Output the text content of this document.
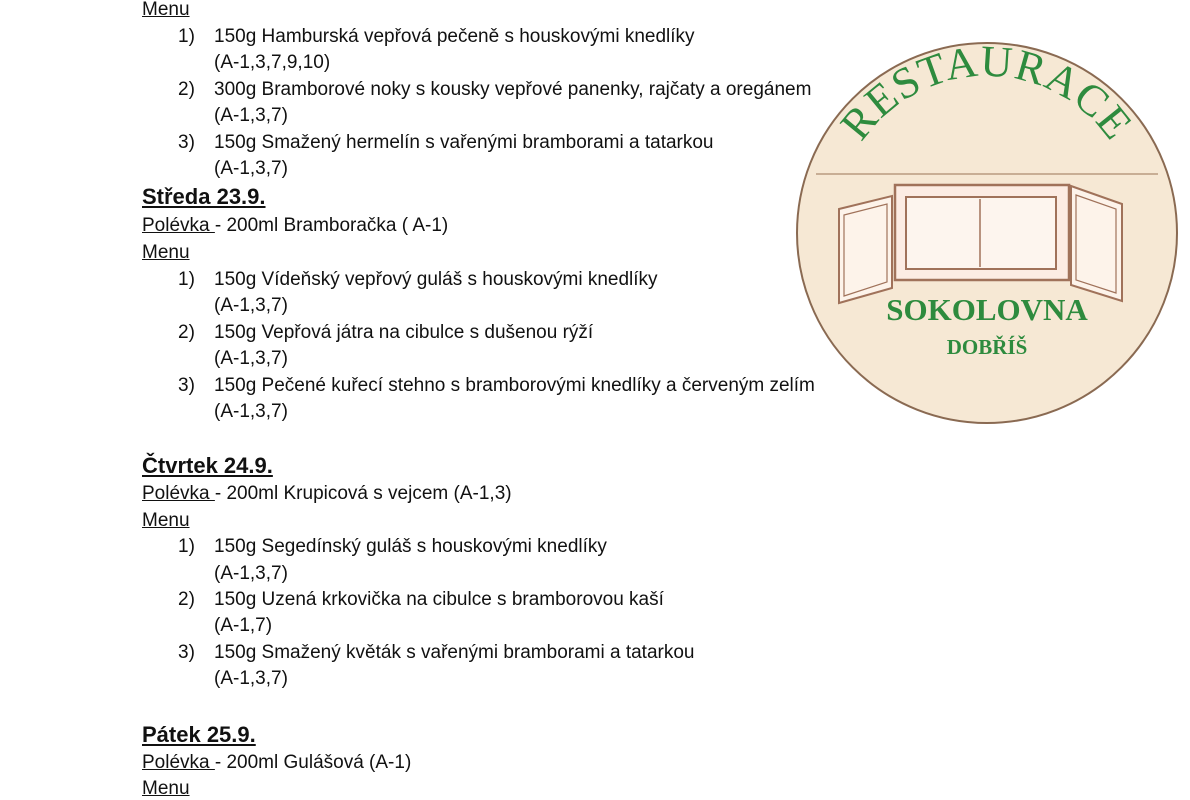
Menu
1) 150g Hamburská vepřová pečeně s houskovými knedlíky
(A-1,3,7,9,10)
2) 300g Bramborové noky s kousky vepřové panenky, rajčaty a oregánem
(A-1,3,7)
3) 150g Smažený hermelín s vařenými bramborami a tatarkou
(A-1,3,7)
Středa 23.9.
Polévka - 200ml Bramboračka ( A-1)
Menu
1) 150g Vídeňský vepřový guláš s houskovými knedlíky
(A-1,3,7)
2) 150g Vepřová játra na cibulce s dušenou rýží
(A-1,3,7)
3) 150g Pečené kuřecí stehno s bramborovými knedlíky a červeným zelím
(A-1,3,7)
Čtvrtek 24.9.
Polévka - 200ml Krupicová s vejcem (A-1,3)
Menu
1) 150g Segedínský guláš s houskovými knedlíky
(A-1,3,7)
2) 150g Uzená krkovička na cibulce s bramborovou kaší
(A-1,7)
3) 150g Smažený květák s vařenými bramborami a tatarkou
(A-1,3,7)
Pátek 25.9.
Polévka - 200ml Gulášová (A-1)
Menu
RESTAURACE
SOKOLOVNA
DOBŘÍŠ
